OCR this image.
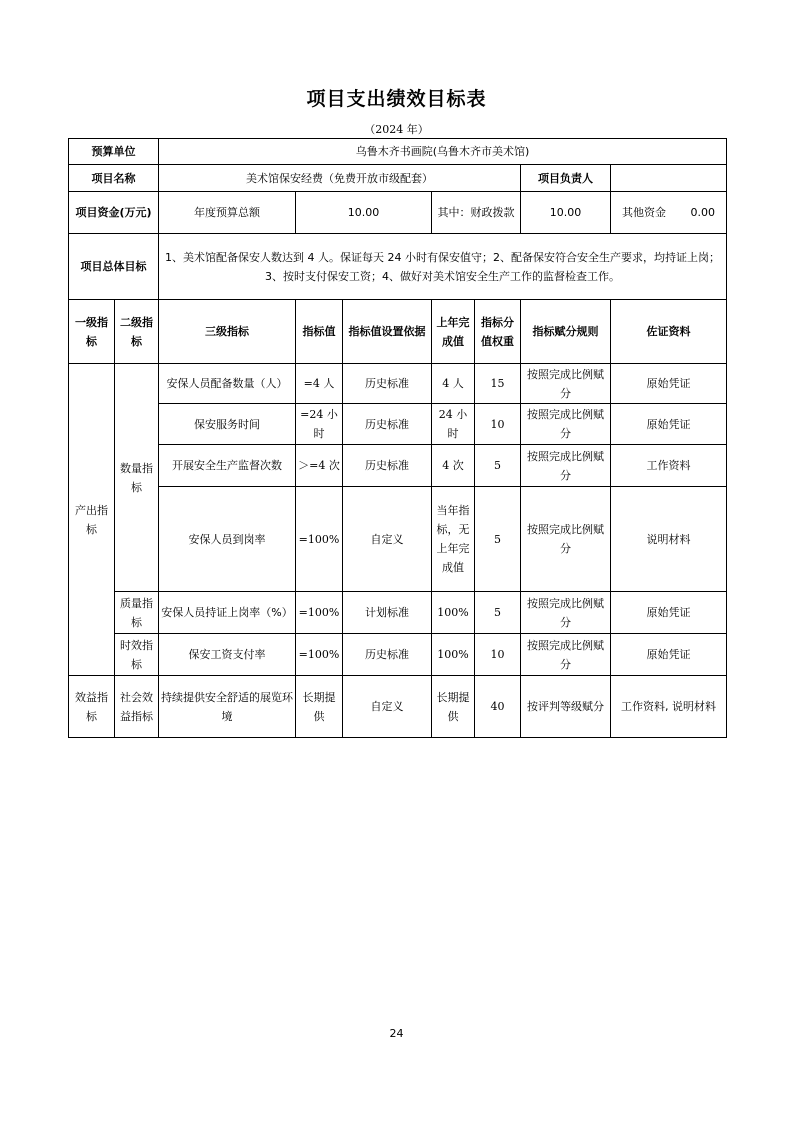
项目支出绩效目标表
（2024 年）
预算单位		乌鲁木齐书画院(乌鲁木齐市美术馆)						
项目名称		美术馆保安经费（免费开放市级配套）					项目负责人	
项目资金(万元)		年度预算总额	10.00		其中：财政拨款		10.00	其他资金 0.00
项目总体目标		1、美术馆配备保安人数达到 4 人。保证每天 24 小时有保安值守；2、配备保安符合安全生产要求，均持证上岗；3、按时支付保安工资；4、做好对美术馆安全生产工作的监督检查工作。						
一级指标	二级指标	三级指标	指标值	指标值设置依据	上年完成值	指标分值权重	指标赋分规则	佐证资料
产出指标	数量指标	安保人员配备数量（人）	=4 人	历史标准	4 人	15	按照完成比例赋分	原始凭证
		保安服务时间	=24 小时	历史标准	24 小时	10	按照完成比例赋分	原始凭证
		开展安全生产监督次数	＞=4 次	历史标准	4 次	5	按照完成比例赋分	工作资料
		安保人员到岗率	=100%	自定义	当年指标，无上年完成值	5	按照完成比例赋分	说明材料
	质量指标	安保人员持证上岗率（%）	=100%	计划标准	100%	5	按照完成比例赋分	原始凭证
	时效指标	保安工资支付率	=100%	历史标准	100%	10	按照完成比例赋分	原始凭证
效益指标	社会效益指标	持续提供安全舒适的展览环境	长期提供	自定义	长期提供	40	按评判等级赋分	工作资料, 说明材料
24
